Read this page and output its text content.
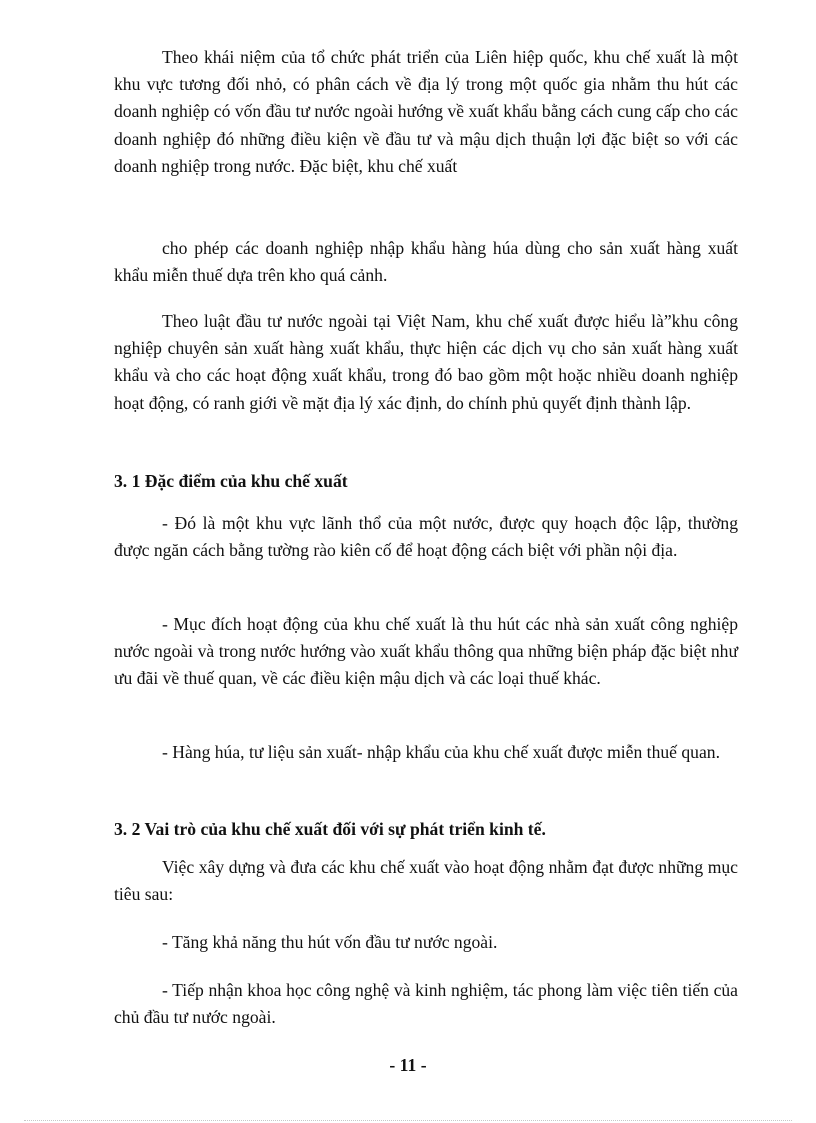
Theo khái niệm của tổ chức phát triển của Liên hiệp quốc, khu chế xuất là một khu vực tương đối nhỏ, có phân cách về địa lý trong một quốc gia nhằm thu hút các doanh nghiệp có vốn đầu tư nước ngoài hướng về xuất khẩu bằng cách cung cấp cho các doanh nghiệp đó những điều kiện về đầu tư và mậu dịch thuận lợi đặc biệt so với các doanh nghiệp trong nước. Đặc biệt, khu chế xuất

cho phép các doanh nghiệp nhập khẩu hàng húa dùng cho sản xuất hàng xuất khẩu miễn thuế dựa trên kho quá cảnh.

Theo luật đầu tư nước ngoài tại Việt Nam, khu chế xuất được hiểu là”khu công nghiệp chuyên sản xuất hàng xuất khẩu, thực hiện các dịch vụ cho sản xuất hàng xuất khẩu và cho các hoạt động xuất khẩu, trong đó bao gồm một hoặc nhiều doanh nghiệp hoạt động, có ranh giới về mặt địa lý xác định, do chính phủ quyết định thành lập.

3. 1 Đặc điểm của khu chế xuất

- Đó là một khu vực lãnh thổ của một nước, được quy hoạch độc lập, thường được ngăn cách bằng tường rào kiên cố để hoạt động cách biệt với phần nội địa.

- Mục đích hoạt động của khu chế xuất là thu hút các nhà sản xuất công nghiệp nước ngoài và trong nước hướng vào xuất khẩu thông qua những biện pháp đặc biệt như ưu đãi về thuế quan, về các điều kiện mậu dịch và các loại thuế khác.

- Hàng húa, tư liệu sản xuất- nhập khẩu của khu chế xuất được miễn thuế quan.

3. 2 Vai trò của khu chế xuất đối với sự phát triển kinh tế.

Việc xây dựng và đưa các khu chế xuất vào hoạt động nhằm đạt được những mục tiêu sau:

- Tăng khả năng thu hút vốn đầu tư nước ngoài.

- Tiếp nhận khoa học công nghệ và kinh nghiệm, tác phong làm việc tiên tiến của chủ đầu tư nước ngoài.

- 11 -
